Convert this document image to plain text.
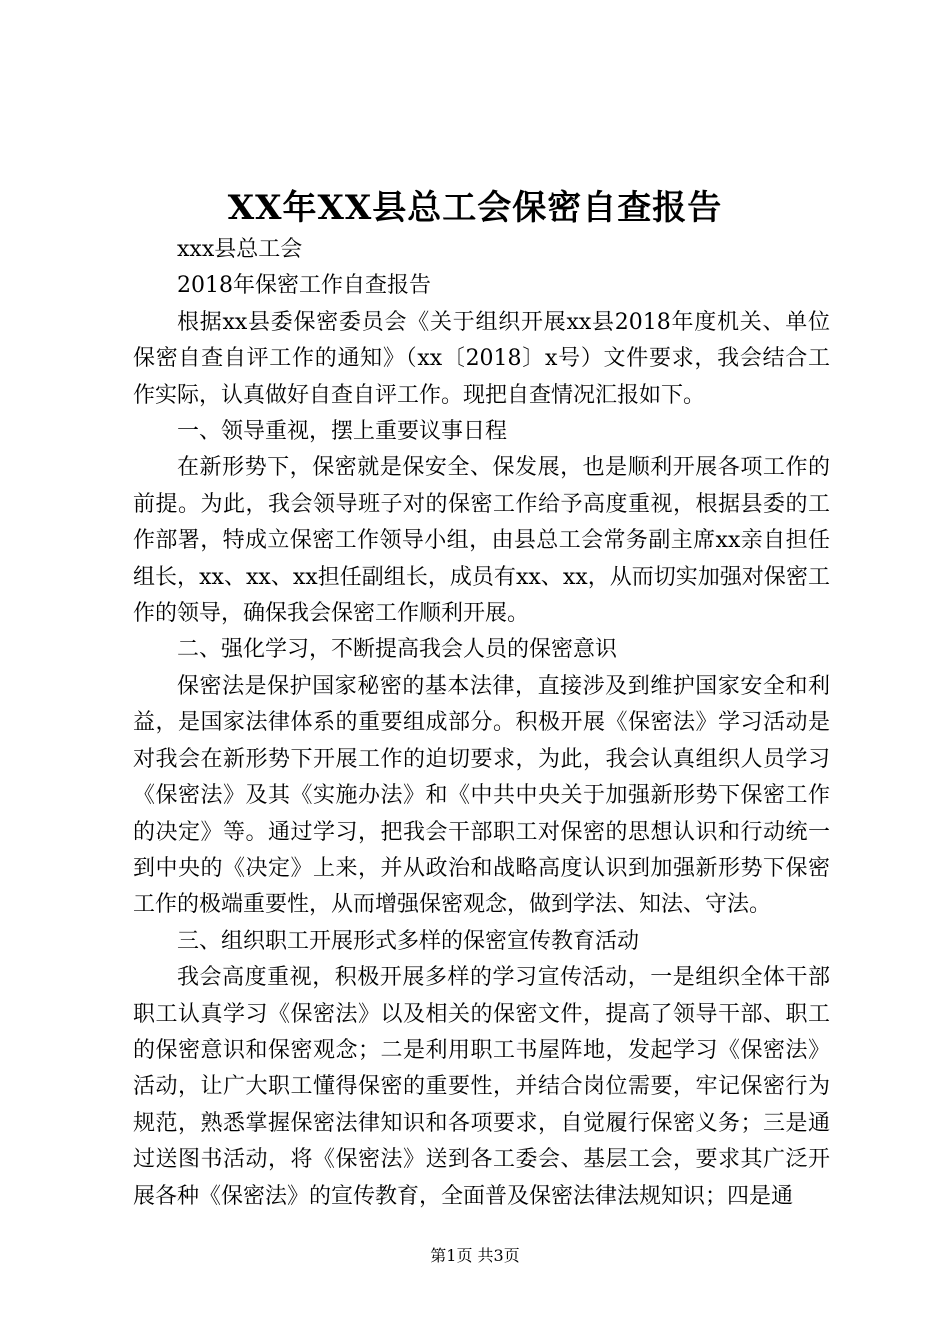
XX年XX县总工会保密自查报告

xxx县总工会

2018年保密工作自查报告

根据xx县委保密委员会《关于组织开展xx县2018年度机关、单位保密自查自评工作的通知》（xx〔2018〕x号）文件要求，我会结合工作实际，认真做好自查自评工作。现把自查情况汇报如下。

一、领导重视，摆上重要议事日程

在新形势下，保密就是保安全、保发展，也是顺利开展各项工作的前提。为此，我会领导班子对的保密工作给予高度重视，根据县委的工作部署，特成立保密工作领导小组，由县总工会常务副主席xx亲自担任组长，xx、xx、xx担任副组长，成员有xx、xx，从而切实加强对保密工作的领导，确保我会保密工作顺利开展。

二、强化学习，不断提高我会人员的保密意识

保密法是保护国家秘密的基本法律，直接涉及到维护国家安全和利益，是国家法律体系的重要组成部分。积极开展《保密法》学习活动是对我会在新形势下开展工作的迫切要求，为此，我会认真组织人员学习《保密法》及其《实施办法》和《中共中央关于加强新形势下保密工作的决定》等。通过学习，把我会干部职工对保密的思想认识和行动统一到中央的《决定》上来，并从政治和战略高度认识到加强新形势下保密工作的极端重要性，从而增强保密观念，做到学法、知法、守法。

三、组织职工开展形式多样的保密宣传教育活动

我会高度重视，积极开展多样的学习宣传活动，一是组织全体干部职工认真学习《保密法》以及相关的保密文件，提高了领导干部、职工的保密意识和保密观念；二是利用职工书屋阵地，发起学习《保密法》活动，让广大职工懂得保密的重要性，并结合岗位需要，牢记保密行为规范，熟悉掌握保密法律知识和各项要求，自觉履行保密义务；三是通过送图书活动，将《保密法》送到各工委会、基层工会，要求其广泛开展各种《保密法》的宣传教育，全面普及保密法律法规知识；四是通

第1页 共3页
